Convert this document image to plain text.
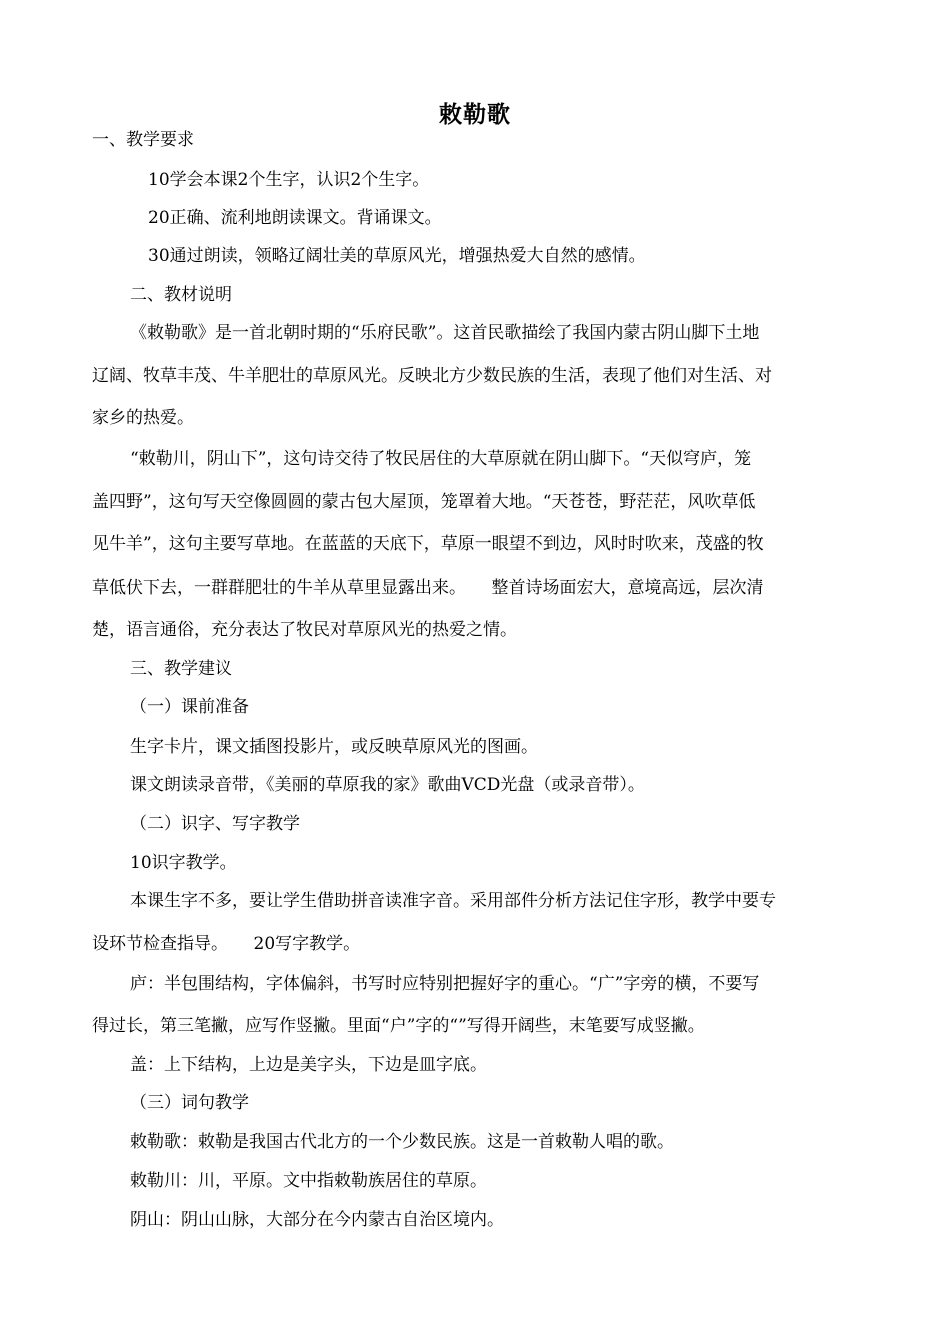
敕勒歌
一、教学要求
10学会本课2个生字，认识2个生字。
20正确、流利地朗读课文。背诵课文。
30通过朗读，领略辽阔壮美的草原风光，增强热爱大自然的感情。
二、教材说明
《敕勒歌》是一首北朝时期的“乐府民歌”。这首民歌描绘了我国内蒙古阴山脚下土地
辽阔、牧草丰茂、牛羊肥壮的草原风光。反映北方少数民族的生活，表现了他们对生活、对
家乡的热爱。
“敕勒川，阴山下”，这句诗交待了牧民居住的大草原就在阴山脚下。“天似穹庐，笼
盖四野”，这句写天空像圆圆的蒙古包大屋顶，笼罩着大地。“天苍苍，野茫茫，风吹草低
见牛羊”，这句主要写草地。在蓝蓝的天底下，草原一眼望不到边，风时时吹来，茂盛的牧
草低伏下去，一群群肥壮的牛羊从草里显露出来。　　整首诗场面宏大，意境高远，层次清
楚，语言通俗，充分表达了牧民对草原风光的热爱之情。
三、教学建议
（一）课前准备
生字卡片，课文插图投影片，或反映草原风光的图画。
课文朗读录音带，《美丽的草原我的家》歌曲VCD光盘（或录音带）。
（二）识字、写字教学
10识字教学。
本课生字不多，要让学生借助拼音读准字音。采用部件分析方法记住字形，教学中要专
设环节检查指导。　　20写字教学。
庐：半包围结构，字体偏斜，书写时应特别把握好字的重心。“广”字旁的横，不要写
得过长，第三笔撇，应写作竖撇。里面“户”字的“”写得开阔些，末笔要写成竖撇。
盖：上下结构，上边是美字头，下边是皿字底。
（三）词句教学
敕勒歌：敕勒是我国古代北方的一个少数民族。这是一首敕勒人唱的歌。
敕勒川：川，平原。文中指敕勒族居住的草原。
阴山：阴山山脉，大部分在今内蒙古自治区境内。
